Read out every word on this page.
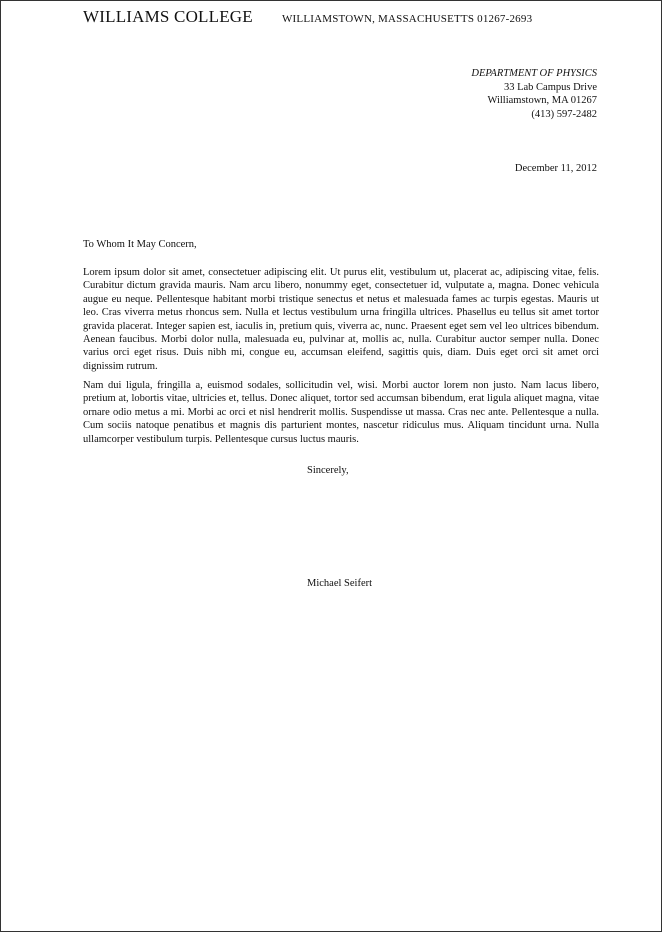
WILLIAMS COLLEGE	WILLIAMSTOWN, MASSACHUSETTS 01267-2693
DEPARTMENT OF PHYSICS
33 Lab Campus Drive
Williamstown, MA 01267
(413) 597-2482
December 11, 2012
To Whom It May Concern,

Lorem ipsum dolor sit amet, consectetuer adipiscing elit. Ut purus elit, vestibulum ut, placerat ac, adipiscing vitae, felis. Curabitur dictum gravida mauris. Nam arcu libero, nonummy eget, consectetuer id, vulputate a, magna. Donec vehicula augue eu neque. Pellentesque habitant morbi tristique senectus et netus et malesuada fames ac turpis egestas. Mauris ut leo. Cras viverra metus rhoncus sem. Nulla et lectus vestibulum urna fringilla ultrices. Phasellus eu tellus sit amet tortor gravida placerat. Integer sapien est, iaculis in, pretium quis, viverra ac, nunc. Praesent eget sem vel leo ultrices bibendum. Aenean faucibus. Morbi dolor nulla, malesuada eu, pulvinar at, mollis ac, nulla. Curabitur auctor semper nulla. Donec varius orci eget risus. Duis nibh mi, congue eu, accumsan eleifend, sagittis quis, diam. Duis eget orci sit amet orci dignissim rutrum.

Nam dui ligula, fringilla a, euismod sodales, sollicitudin vel, wisi. Morbi auctor lorem non justo. Nam lacus libero, pretium at, lobortis vitae, ultricies et, tellus. Donec aliquet, tortor sed accumsan bibendum, erat ligula aliquet magna, vitae ornare odio metus a mi. Morbi ac orci et nisl hendrerit mollis. Suspendisse ut massa. Cras nec ante. Pellentesque a nulla. Cum sociis natoque penatibus et magnis dis parturient montes, nascetur ridiculus mus. Aliquam tincidunt urna. Nulla ullamcorper vestibulum turpis. Pellentesque cursus luctus mauris.

Sincerely,
Michael Seifert
